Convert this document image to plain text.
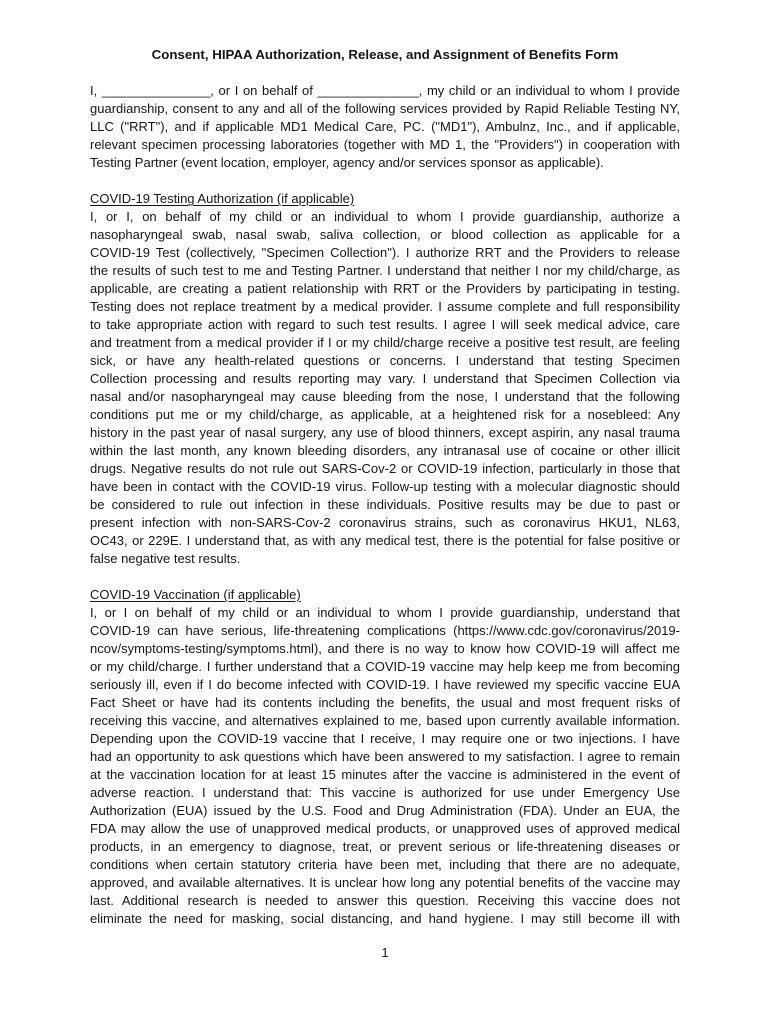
Consent, HIPAA Authorization, Release, and Assignment of Benefits Form
I, _______________, or I on behalf of ______________, my child or an individual to whom I provide
guardianship, consent to any and all of the following services provided by Rapid Reliable Testing NY,
LLC ("RRT"), and if applicable MD1 Medical Care, PC. ("MD1"), Ambulnz, Inc., and if applicable,
relevant specimen processing laboratories (together with MD 1, the "Providers") in cooperation with
Testing Partner (event location, employer, agency and/or services sponsor as applicable).
COVID-19 Testing Authorization (if applicable)
I, or I, on behalf of my child or an individual to whom I provide guardianship, authorize a
nasopharyngeal swab, nasal swab, saliva collection, or blood collection as applicable for a
COVID-19 Test (collectively, "Specimen Collection"). I authorize RRT and the Providers to release
the results of such test to me and Testing Partner. I understand that neither I nor my child/charge, as
applicable, are creating a patient relationship with RRT or the Providers by participating in testing.
Testing does not replace treatment by a medical provider. I assume complete and full responsibility
to take appropriate action with regard to such test results. I agree I will seek medical advice, care
and treatment from a medical provider if I or my child/charge receive a positive test result, are feeling
sick, or have any health-related questions or concerns. I understand that testing Specimen
Collection processing and results reporting may vary. I understand that Specimen Collection via
nasal and/or nasopharyngeal may cause bleeding from the nose, I understand that the following
conditions put me or my child/charge, as applicable, at a heightened risk for a nosebleed: Any
history in the past year of nasal surgery, any use of blood thinners, except aspirin, any nasal trauma
within the last month, any known bleeding disorders, any intranasal use of cocaine or other illicit
drugs. Negative results do not rule out SARS-Cov-2 or COVID-19 infection, particularly in those that
have been in contact with the COVID-19 virus. Follow-up testing with a molecular diagnostic should
be considered to rule out infection in these individuals. Positive results may be due to past or
present infection with non-SARS-Cov-2 coronavirus strains, such as coronavirus HKU1, NL63,
OC43, or 229E. I understand that, as with any medical test, there is the potential for false positive or
false negative test results.
COVID-19 Vaccination (if applicable)
I, or I on behalf of my child or an individual to whom I provide guardianship, understand that
COVID-19 can have serious, life-threatening complications (https://www.cdc.gov/coronavirus/2019-
ncov/symptoms-testing/symptoms.html), and there is no way to know how COVID-19 will affect me
or my child/charge. I further understand that a COVID-19 vaccine may help keep me from becoming
seriously ill, even if I do become infected with COVID-19. I have reviewed my specific vaccine EUA
Fact Sheet or have had its contents including the benefits, the usual and most frequent risks of
receiving this vaccine, and alternatives explained to me, based upon currently available information.
Depending upon the COVID-19 vaccine that I receive, I may require one or two injections. I have
had an opportunity to ask questions which have been answered to my satisfaction. I agree to remain
at the vaccination location for at least 15 minutes after the vaccine is administered in the event of
adverse reaction. I understand that: This vaccine is authorized for use under Emergency Use
Authorization (EUA) issued by the U.S. Food and Drug Administration (FDA). Under an EUA, the
FDA may allow the use of unapproved medical products, or unapproved uses of approved medical
products, in an emergency to diagnose, treat, or prevent serious or life-threatening diseases or
conditions when certain statutory criteria have been met, including that there are no adequate,
approved, and available alternatives. It is unclear how long any potential benefits of the vaccine may
last. Additional research is needed to answer this question. Receiving this vaccine does not
eliminate the need for masking, social distancing, and hand hygiene. I may still become ill with
1
